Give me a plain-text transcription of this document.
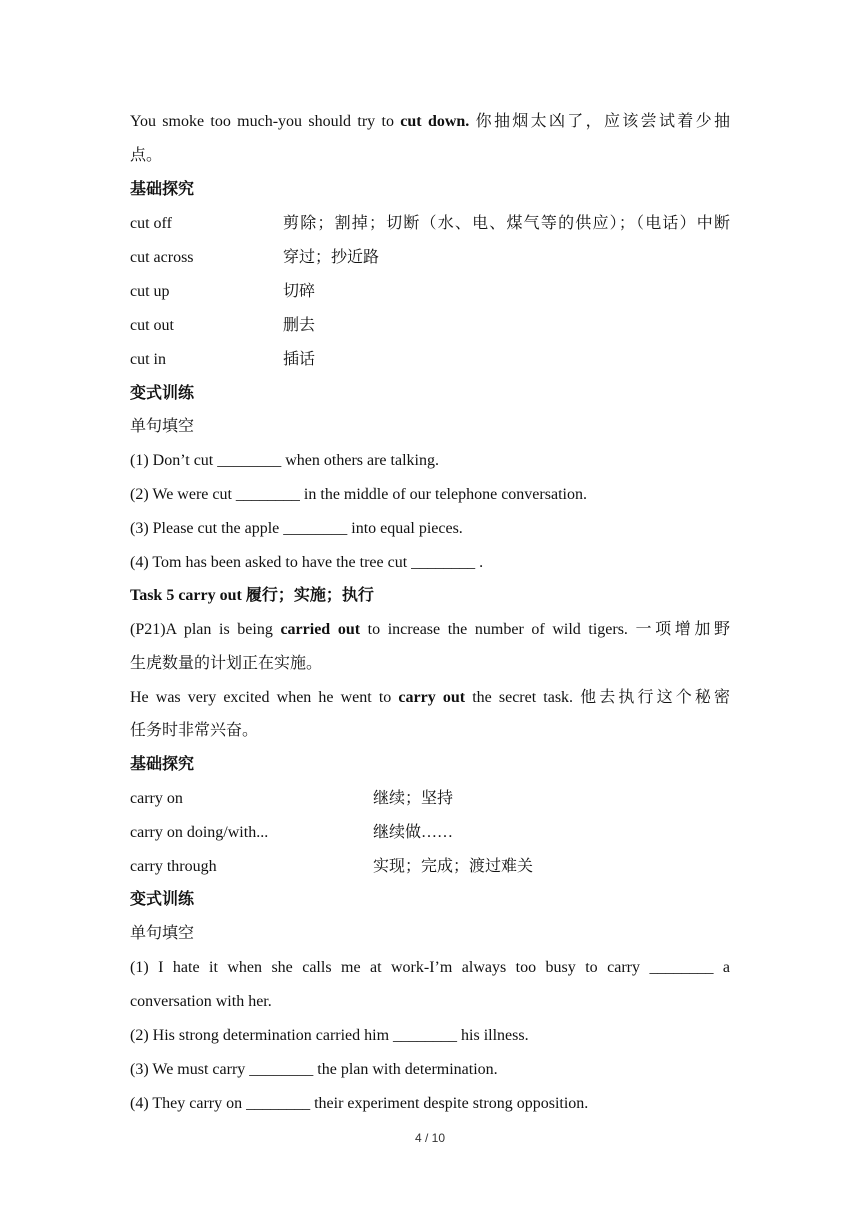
You smoke too much-you should try to cut down. 你抽烟太凶了，应该尝试着少抽
点。
基础探究
cut off	剪除；割掉；切断（水、电、煤气等的供应）；（电话）中断
cut across	穿过；抄近路
cut up	切碎
cut out	删去
cut in	插话
变式训练
单句填空
(1) Don’t cut ________ when others are talking.
(2) We were cut ________ in the middle of our telephone conversation.
(3) Please cut the apple ________ into equal pieces.
(4) Tom has been asked to have the tree cut ________ .
Task 5 carry out 履行；实施；执行
(P21)A plan is being carried out to increase the number of wild tigers. 一项增加野
生虎数量的计划正在实施。
He was very excited when he went to carry out the secret task. 他去执行这个秘密
任务时非常兴奋。
基础探究
carry on	继续；坚持
carry on doing/with...	继续做……
carry through	实现；完成；渡过难关
变式训练
单句填空
(1) I hate it when she calls me at work-I’m always too busy to carry ________ a
conversation with her.
(2) His strong determination carried him ________ his illness.
(3) We must carry ________ the plan with determination.
(4) They carry on ________ their experiment despite strong opposition.
4 / 10
